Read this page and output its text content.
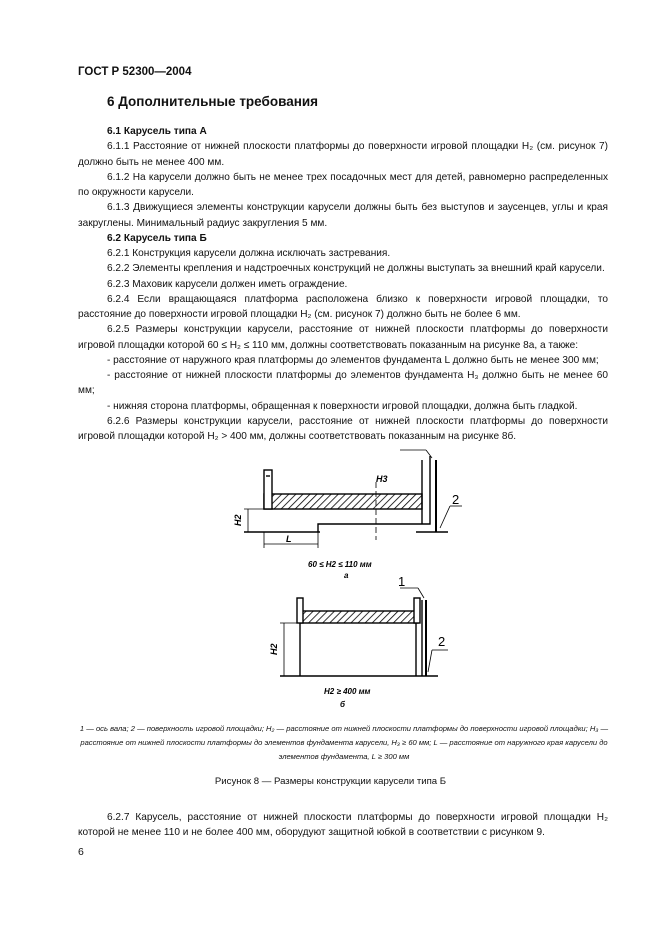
ГОСТ Р 52300—2004
6 Дополнительные требования

6.1 Карусель типа А

6.1.1 Расстояние от нижней плоскости платформы до поверхности игровой площадки H₂ (см. рисунок 7) должно быть не менее 400 мм.

6.1.2 На карусели должно быть не менее трех посадочных мест для детей, равномерно распределенных по окружности карусели.

6.1.3 Движущиеся элементы конструкции карусели должны быть без выступов и заусенцев, углы и края закруглены. Минимальный радиус закругления 5 мм.

6.2 Карусель типа Б

6.2.1 Конструкция карусели должна исключать застревания.

6.2.2 Элементы крепления и надстроечных конструкций не должны выступать за внешний край карусели.

6.2.3 Маховик карусели должен иметь ограждение.

6.2.4 Если вращающаяся платформа расположена близко к поверхности игровой площадки, то расстояние до поверхности игровой площадки H₂ (см. рисунок 7) должно быть не более 6 мм.

6.2.5 Размеры конструкции карусели, расстояние от нижней плоскости платформы до поверхности игровой площадки которой 60 ≤ H₂ ≤ 110 мм, должны соответствовать показанным на рисунке 8а, а также:

- расстояние от наружного края платформы до элементов фундамента L должно быть не менее 300 мм;

- расстояние от нижней плоскости платформы до элементов фундамента H₃ должно быть не менее 60 мм;

- нижняя сторона платформы, обращенная к поверхности игровой площадки, должна быть гладкой.

6.2.6 Размеры конструкции карусели, расстояние от нижней плоскости платформы до поверхности игровой площадки которой H₂ > 400 мм, должны соответствовать показанным на рисунке 8б.

H2
H3
L
2
60 ≤ H2 ≤ 110 мм
а
H2
1
2
H2 ≥ 400 мм
б
1 — ось вала; 2 — поверхность игровой площадки; H₂ — расстояние от нижней плоскости платформы до поверхности игровой площадки; H₃ — расстояние от нижней плоскости платформы до элементов фундамента карусели, H₃ ≥ 60 мм; L — расстояние от наружного края карусели до элементов фундамента, L ≥ 300 мм
Рисунок 8 — Размеры конструкции карусели типа Б

6.2.7 Карусель, расстояние от нижней плоскости платформы до поверхности игровой площадки H₂ которой не менее 110 и не более 400 мм, оборудуют защитной юбкой в соответствии с рисунком 9.

6
